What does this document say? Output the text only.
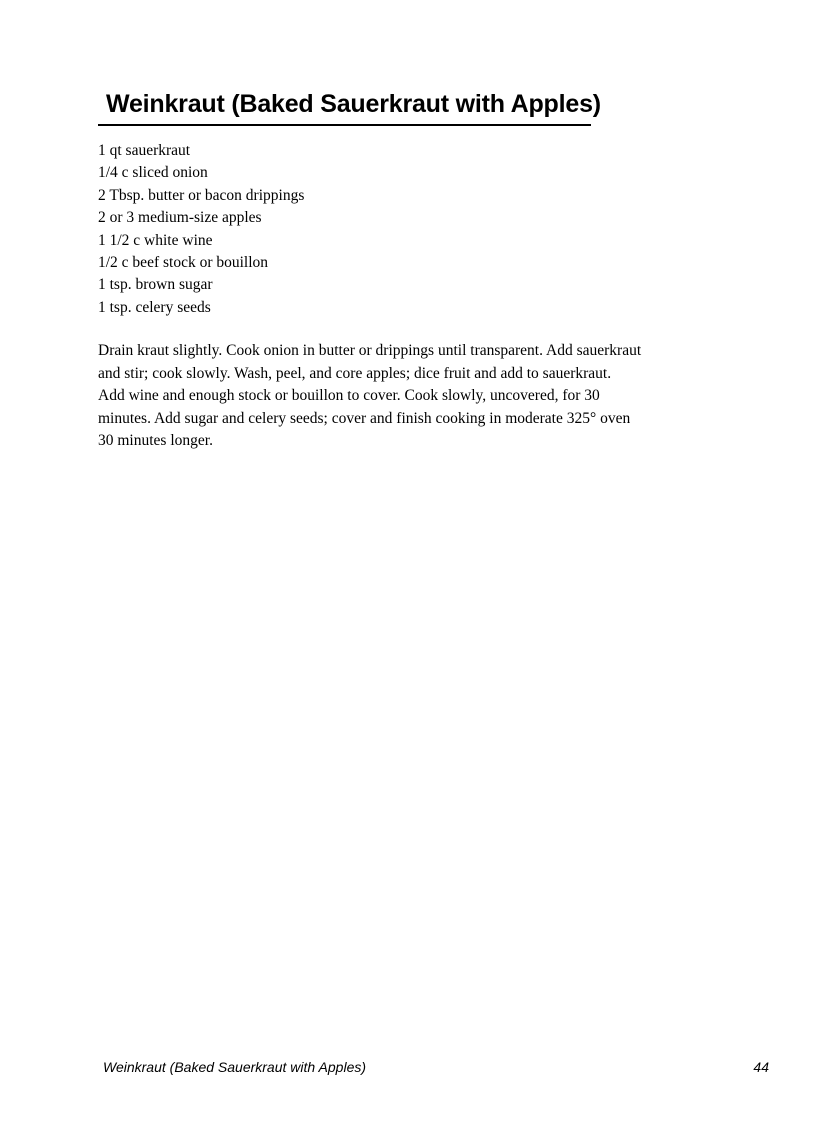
Weinkraut (Baked Sauerkraut with Apples)
1 qt sauerkraut
1/4 c sliced onion
2 Tbsp. butter or bacon drippings
2 or 3 medium-size apples
1 1/2 c white wine
1/2 c beef stock or bouillon
1 tsp. brown sugar
1 tsp. celery seeds

Drain kraut slightly. Cook onion in butter or drippings until transparent. Add sauerkraut
and stir; cook slowly. Wash, peel, and core apples; dice fruit and add to sauerkraut.
Add wine and enough stock or bouillon to cover. Cook slowly, uncovered, for 30
minutes. Add sugar and celery seeds; cover and finish cooking in moderate 325° oven
30 minutes longer.

Weinkraut (Baked Sauerkraut with Apples)	44
